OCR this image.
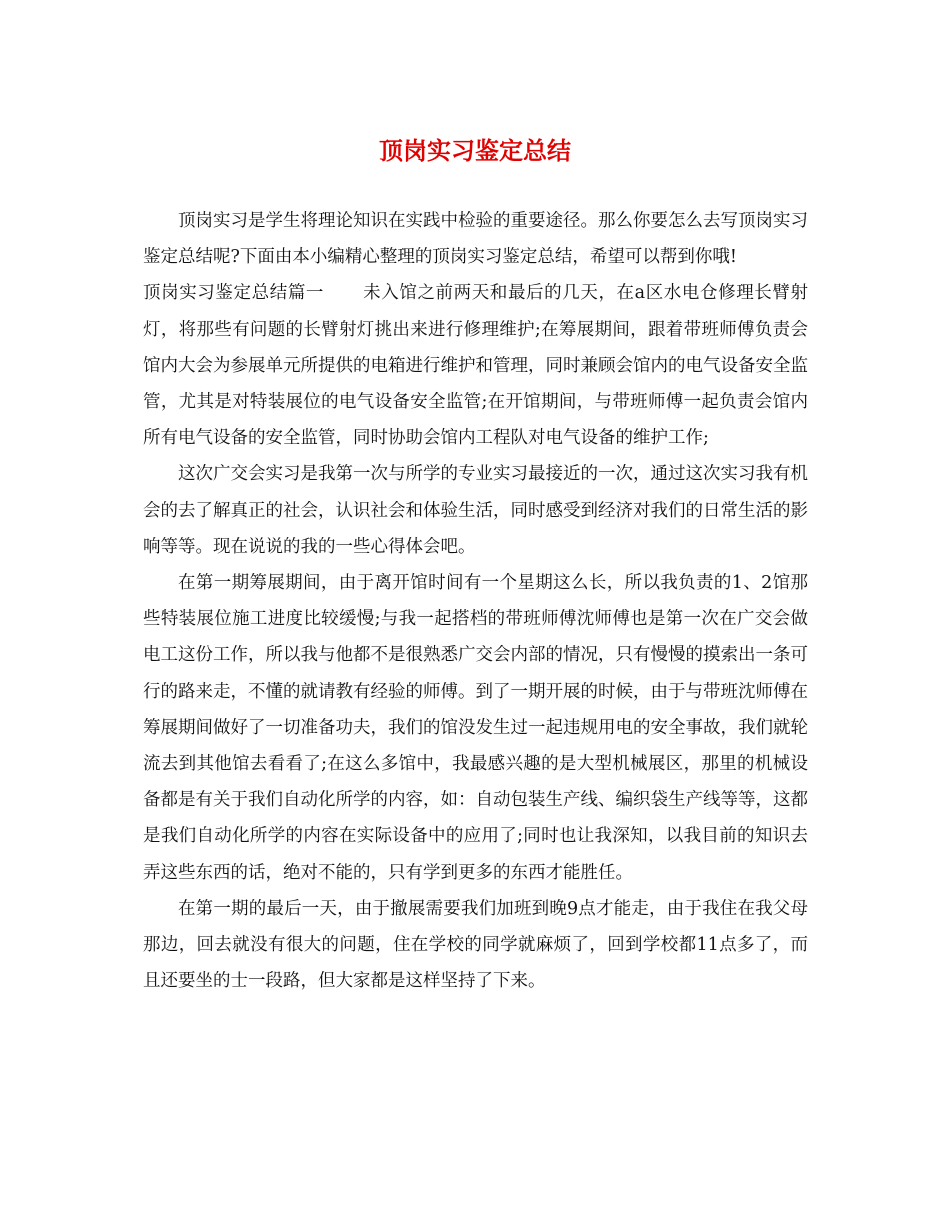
顶岗实习鉴定总结

顶岗实习是学生将理论知识在实践中检验的重要途径。那么你要怎么去写顶岗实习鉴定总结呢?下面由本小编精心整理的顶岗实习鉴定总结，希望可以帮到你哦!

顶岗实习鉴定总结篇一 未入馆之前两天和最后的几天，在a区水电仓修理长臂射灯，将那些有问题的长臂射灯挑出来进行修理维护;在筹展期间，跟着带班师傅负责会馆内大会为参展单元所提供的电箱进行维护和管理，同时兼顾会馆内的电气设备安全监管，尤其是对特装展位的电气设备安全监管;在开馆期间，与带班师傅一起负责会馆内所有电气设备的安全监管，同时协助会馆内工程队对电气设备的维护工作;

这次广交会实习是我第一次与所学的专业实习最接近的一次，通过这次实习我有机会的去了解真正的社会，认识社会和体验生活，同时感受到经济对我们的日常生活的影响等等。现在说说的我的一些心得体会吧。

在第一期筹展期间，由于离开馆时间有一个星期这么长，所以我负责的1、2馆那些特装展位施工进度比较缓慢;与我一起搭档的带班师傅沈师傅也是第一次在广交会做电工这份工作，所以我与他都不是很熟悉广交会内部的情况，只有慢慢的摸索出一条可行的路来走，不懂的就请教有经验的师傅。到了一期开展的时候，由于与带班沈师傅在筹展期间做好了一切准备功夫，我们的馆没发生过一起违规用电的安全事故，我们就轮流去到其他馆去看看了;在这么多馆中，我最感兴趣的是大型机械展区，那里的机械设备都是有关于我们自动化所学的内容，如：自动包装生产线、编织袋生产线等等，这都是我们自动化所学的内容在实际设备中的应用了;同时也让我深知，以我目前的知识去弄这些东西的话，绝对不能的，只有学到更多的东西才能胜任。

在第一期的最后一天，由于撤展需要我们加班到晚9点才能走，由于我住在我父母那边，回去就没有很大的问题，住在学校的同学就麻烦了，回到学校都11点多了，而且还要坐的士一段路，但大家都是这样坚持了下来。
